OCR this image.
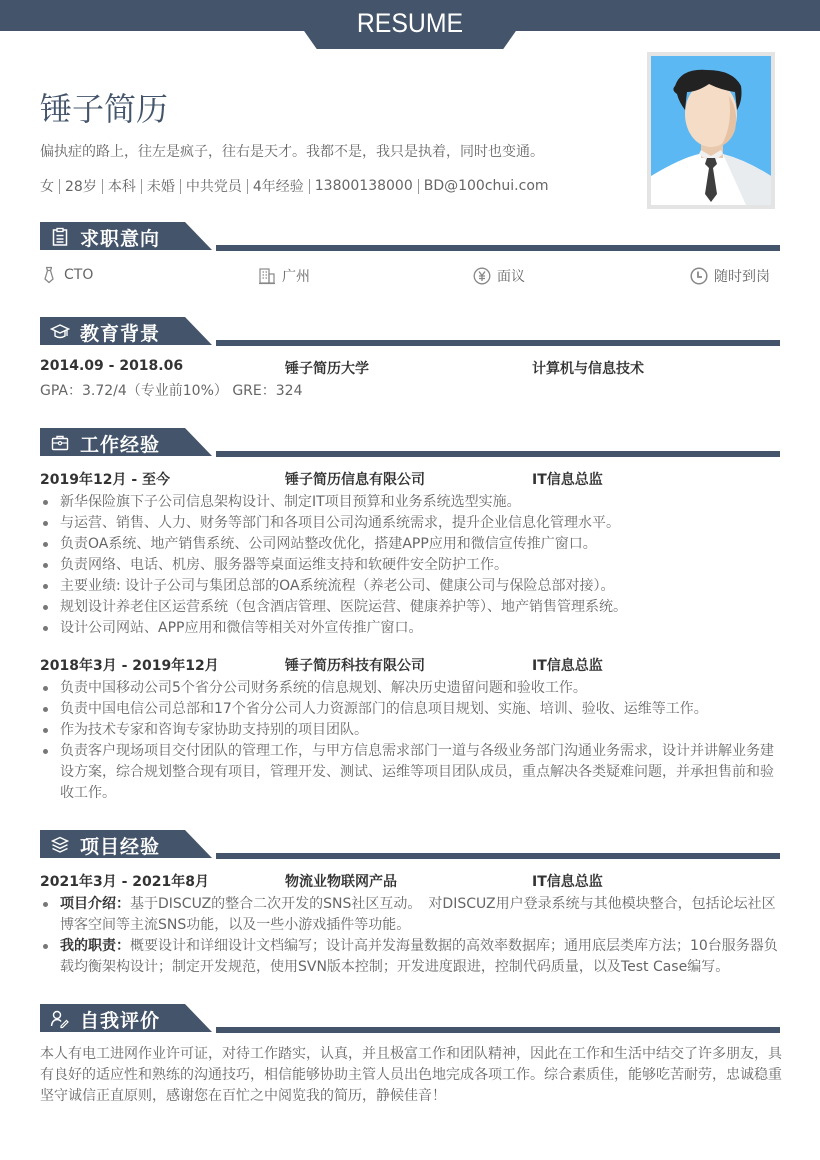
RESUME
锤子简历
偏执症的路上，往左是疯子，往右是天才。我都不是，我只是执着，同时也变通。
女 28岁 本科 未婚 中共党员 4年经验 13800138000 BD@100chui.com
求职意向
CTO	广州	面议	随时到岗
教育背景
2014.09 - 2018.06	锤子简历大学	计算机与信息技术
GPA：3.72/4（专业前10%） GRE：324
工作经验
2019年12月 - 至今	锤子简历信息有限公司	IT信息总监
新华保险旗下子公司信息架构设计、制定IT项目预算和业务系统选型实施。
与运营、销售、人力、财务等部门和各项目公司沟通系统需求，提升企业信息化管理水平。
负责OA系统、地产销售系统、公司网站整改优化，搭建APP应用和微信宣传推广窗口。
负责网络、电话、机房、服务器等桌面运维支持和软硬件安全防护工作。
主要业绩: 设计子公司与集团总部的OA系统流程（养老公司、健康公司与保险总部对接）。
规划设计养老住区运营系统（包含酒店管理、医院运营、健康养护等）、地产销售管理系统。
设计公司网站、APP应用和微信等相关对外宣传推广窗口。
2018年3月 - 2019年12月	锤子简历科技有限公司	IT信息总监
负责中国移动公司5个省分公司财务系统的信息规划、解决历史遗留问题和验收工作。
负责中国电信公司总部和17个省分公司人力资源部门的信息项目规划、实施、培训、验收、运维等工作。
作为技术专家和咨询专家协助支持别的项目团队。
负责客户现场项目交付团队的管理工作，与甲方信息需求部门一道与各级业务部门沟通业务需求，设计并讲解业务建设方案，综合规划整合现有项目，管理开发、测试、运维等项目团队成员，重点解决各类疑难问题，并承担售前和验收工作。
项目经验
2021年3月 - 2021年8月	物流业物联网产品	IT信息总监
项目介绍：基于DISCUZ的整合二次开发的SNS社区互动。　对DISCUZ用户登录系统与其他模块整合，包括论坛社区博客空间等主流SNS功能，以及一些小游戏插件等功能。
我的职责：概要设计和详细设计文档编写；设计高并发海量数据的高效率数据库；通用底层类库方法；10台服务器负载均衡架构设计；制定开发规范，使用SVN版本控制；开发进度跟进，控制代码质量，以及Test Case编写。
自我评价
本人有电工进网作业许可证，对待工作踏实，认真，并且极富工作和团队精神，因此在工作和生活中结交了许多朋友，具有良好的适应性和熟练的沟通技巧，相信能够协助主管人员出色地完成各项工作。综合素质佳，能够吃苦耐劳，忠诚稳重坚守诚信正直原则，感谢您在百忙之中阅览我的简历，静候佳音！
